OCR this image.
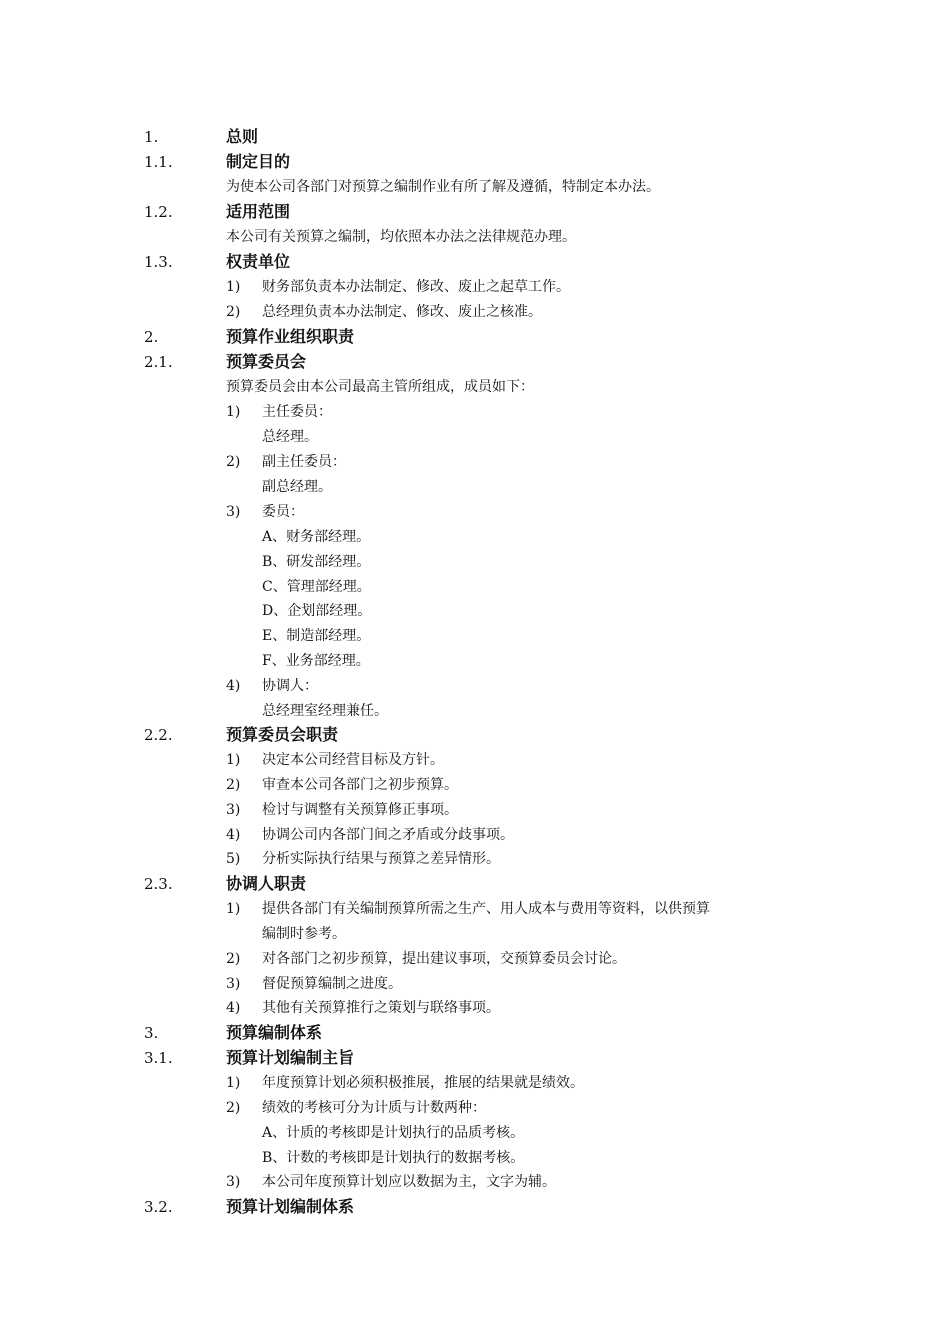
1.	总则
1.1.	制定目的
为使本公司各部门对预算之编制作业有所了解及遵循，特制定本办法。
1.2.	适用范围
本公司有关预算之编制，均依照本办法之法律规范办理。
1.3.	权责单位
1) 财务部负责本办法制定、修改、废止之起草工作。
2) 总经理负责本办法制定、修改、废止之核准。
2.	预算作业组织职责
2.1.	预算委员会
预算委员会由本公司最高主管所组成，成员如下：
1) 主任委员：
总经理。
2) 副主任委员：
副总经理。
3) 委员：
A、财务部经理。
B、研发部经理。
C、管理部经理。
D、企划部经理。
E、制造部经理。
F、业务部经理。
4) 协调人：
总经理室经理兼任。
2.2.	预算委员会职责
1) 决定本公司经营目标及方针。
2) 审查本公司各部门之初步预算。
3) 检讨与调整有关预算修正事项。
4) 协调公司内各部门间之矛盾或分歧事项。
5) 分析实际执行结果与预算之差异情形。
2.3.	协调人职责
1) 提供各部门有关编制预算所需之生产、用人成本与费用等资料，以供预算
编制时参考。
2) 对各部门之初步预算，提出建议事项，交预算委员会讨论。
3) 督促预算编制之进度。
4) 其他有关预算推行之策划与联络事项。
3.	预算编制体系
3.1.	预算计划编制主旨
1) 年度预算计划必须积极推展，推展的结果就是绩效。
2) 绩效的考核可分为计质与计数两种：
A、计质的考核即是计划执行的品质考核。
B、计数的考核即是计划执行的数据考核。
3) 本公司年度预算计划应以数据为主，文字为辅。
3.2.	预算计划编制体系
